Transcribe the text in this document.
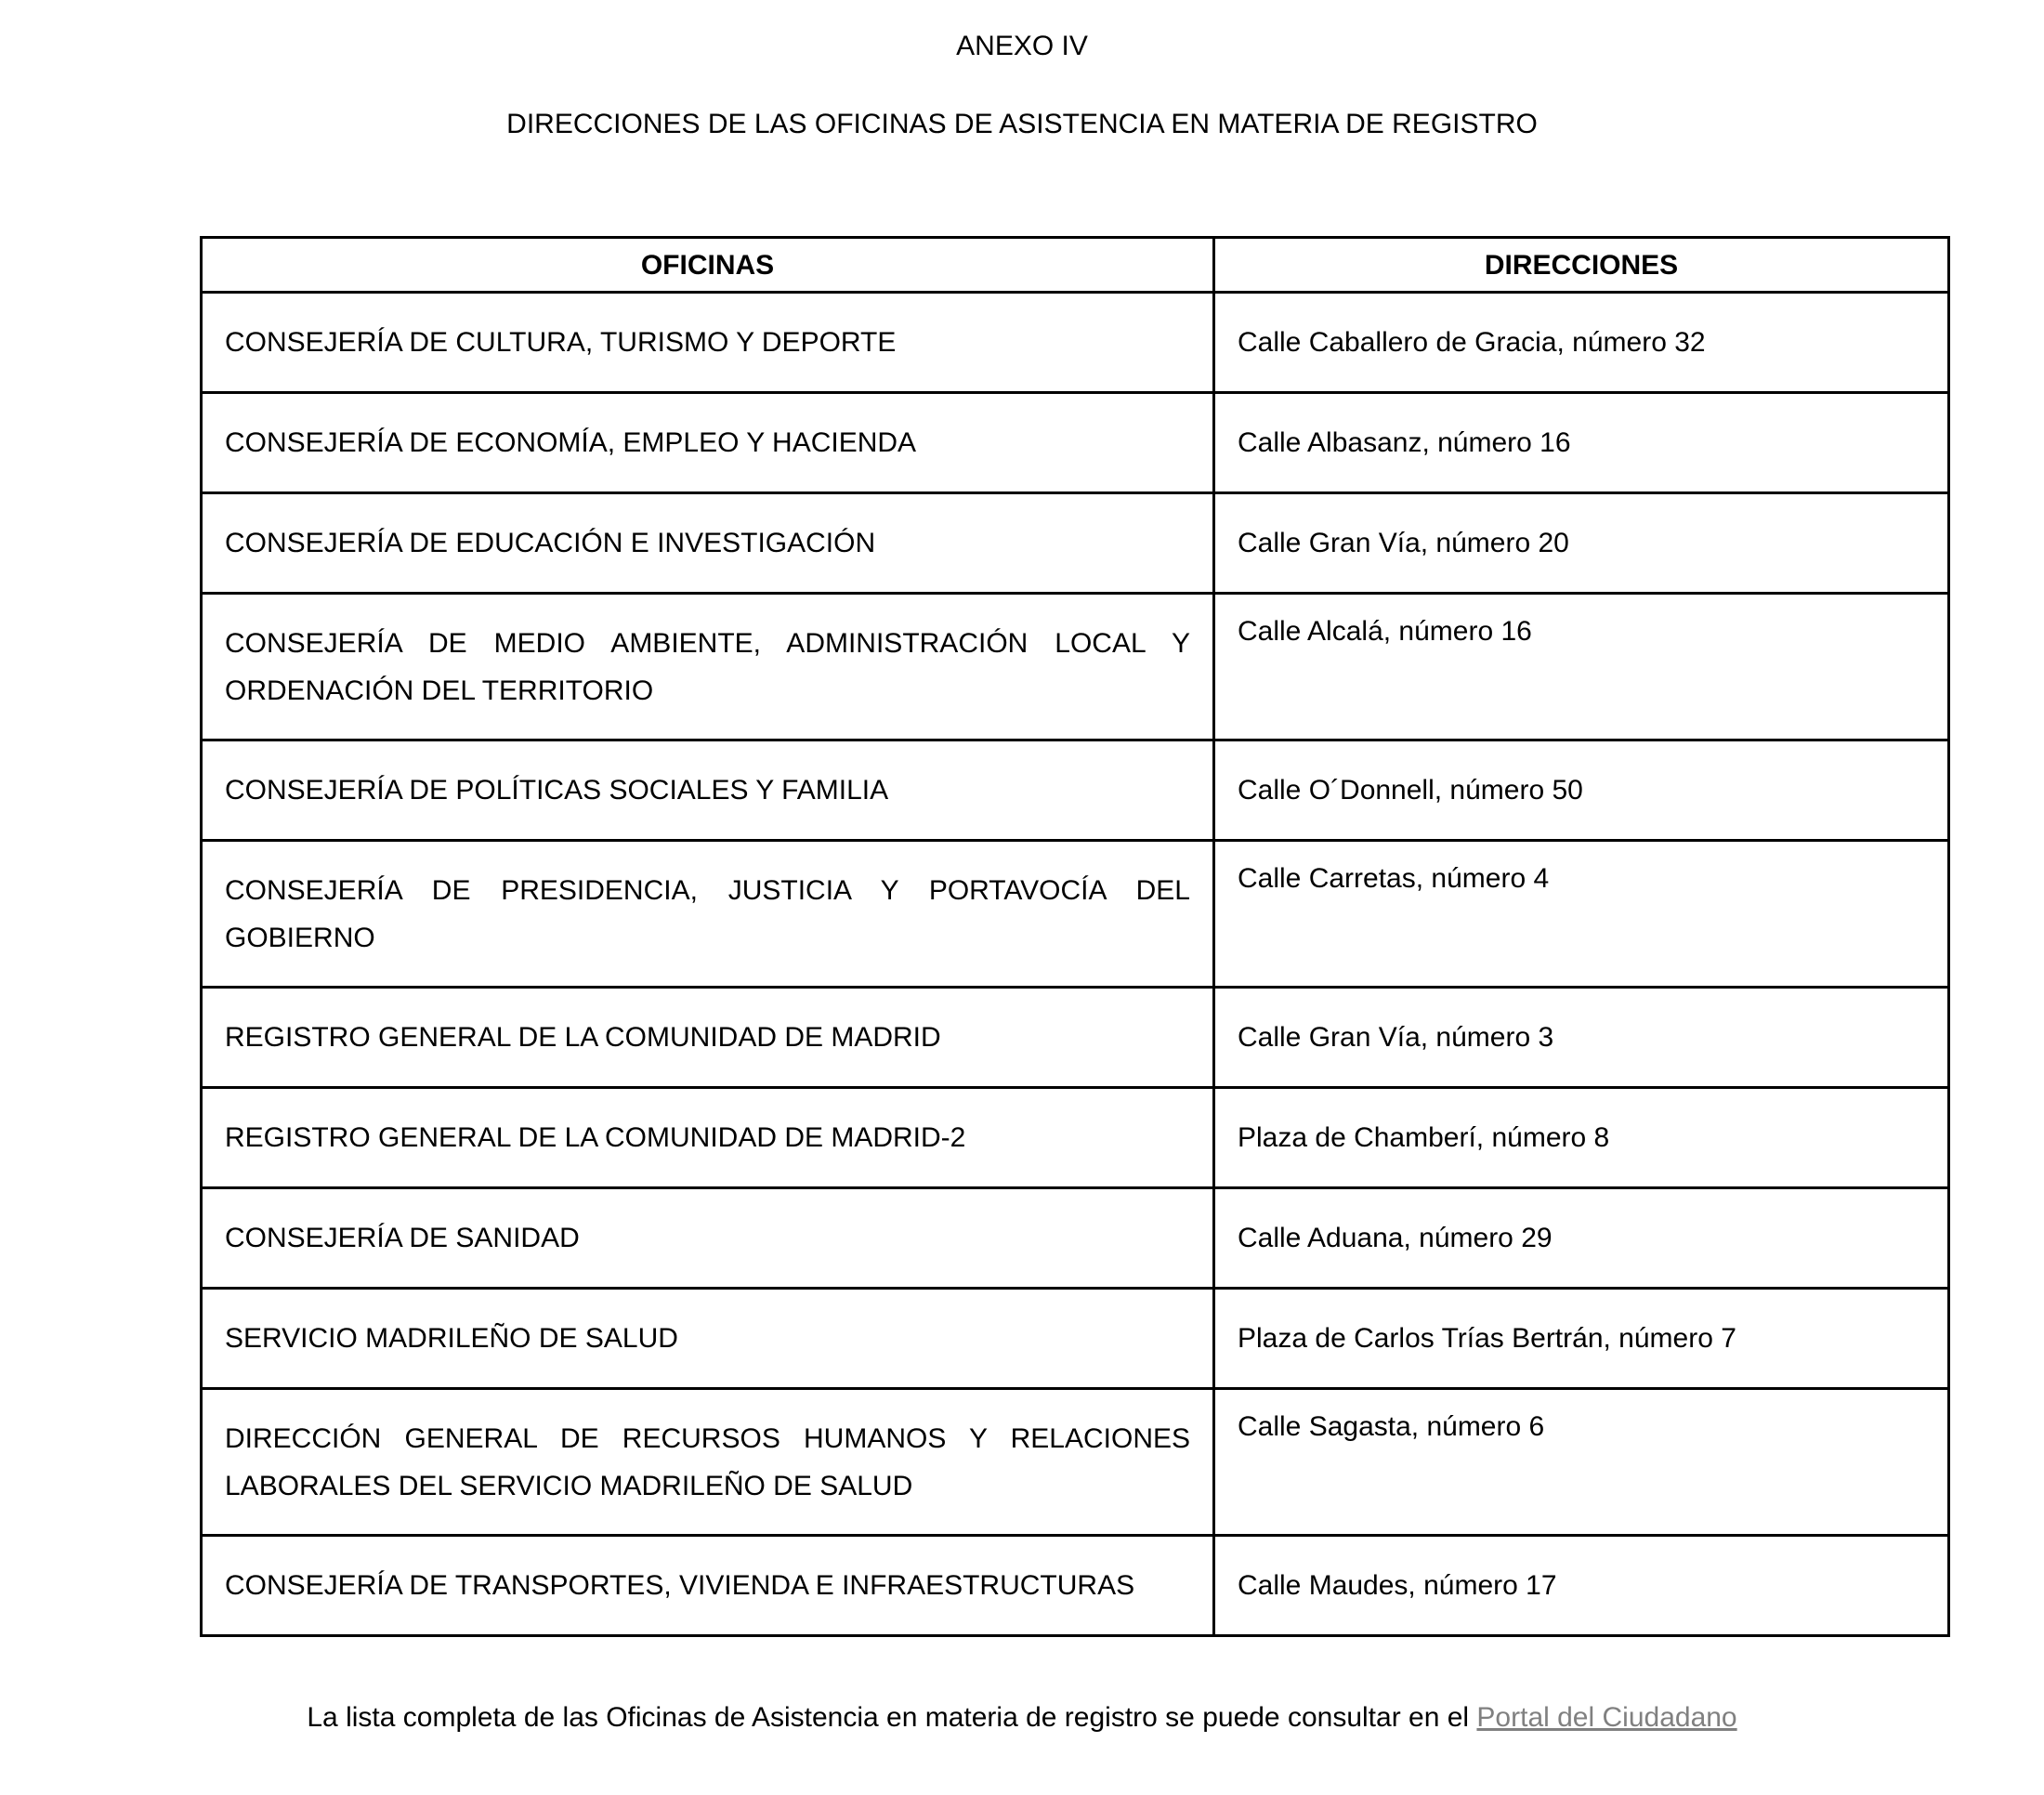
ANEXO IV
DIRECCIONES DE LAS OFICINAS DE ASISTENCIA EN MATERIA DE REGISTRO
OFICINAS	DIRECCIONES
CONSEJERÍA DE CULTURA, TURISMO Y DEPORTE	Calle Caballero de Gracia, número 32
CONSEJERÍA DE ECONOMÍA, EMPLEO Y HACIENDA	Calle Albasanz, número 16
CONSEJERÍA DE EDUCACIÓN E INVESTIGACIÓN	Calle Gran Vía, número 20
CONSEJERÍA DE MEDIO AMBIENTE, ADMINISTRACIÓN LOCAL Y ORDENACIÓN DEL TERRITORIO	Calle Alcalá, número 16
CONSEJERÍA DE POLÍTICAS SOCIALES Y FAMILIA	Calle O´Donnell, número 50
CONSEJERÍA DE PRESIDENCIA, JUSTICIA Y PORTAVOCÍA DEL GOBIERNO	Calle Carretas, número 4
REGISTRO GENERAL DE LA COMUNIDAD DE MADRID	Calle Gran Vía, número 3
REGISTRO GENERAL DE LA COMUNIDAD DE MADRID-2	Plaza de Chamberí, número 8
CONSEJERÍA DE SANIDAD	Calle Aduana, número 29
SERVICIO MADRILEÑO DE SALUD	Plaza de Carlos Trías Bertrán, número 7
DIRECCIÓN GENERAL DE RECURSOS HUMANOS Y RELACIONES LABORALES DEL SERVICIO MADRILEÑO DE SALUD	Calle Sagasta, número 6
CONSEJERÍA DE TRANSPORTES, VIVIENDA E INFRAESTRUCTURAS	Calle Maudes, número 17
La lista completa de las Oficinas de Asistencia en materia de registro se puede consultar en el Portal del Ciudadano
